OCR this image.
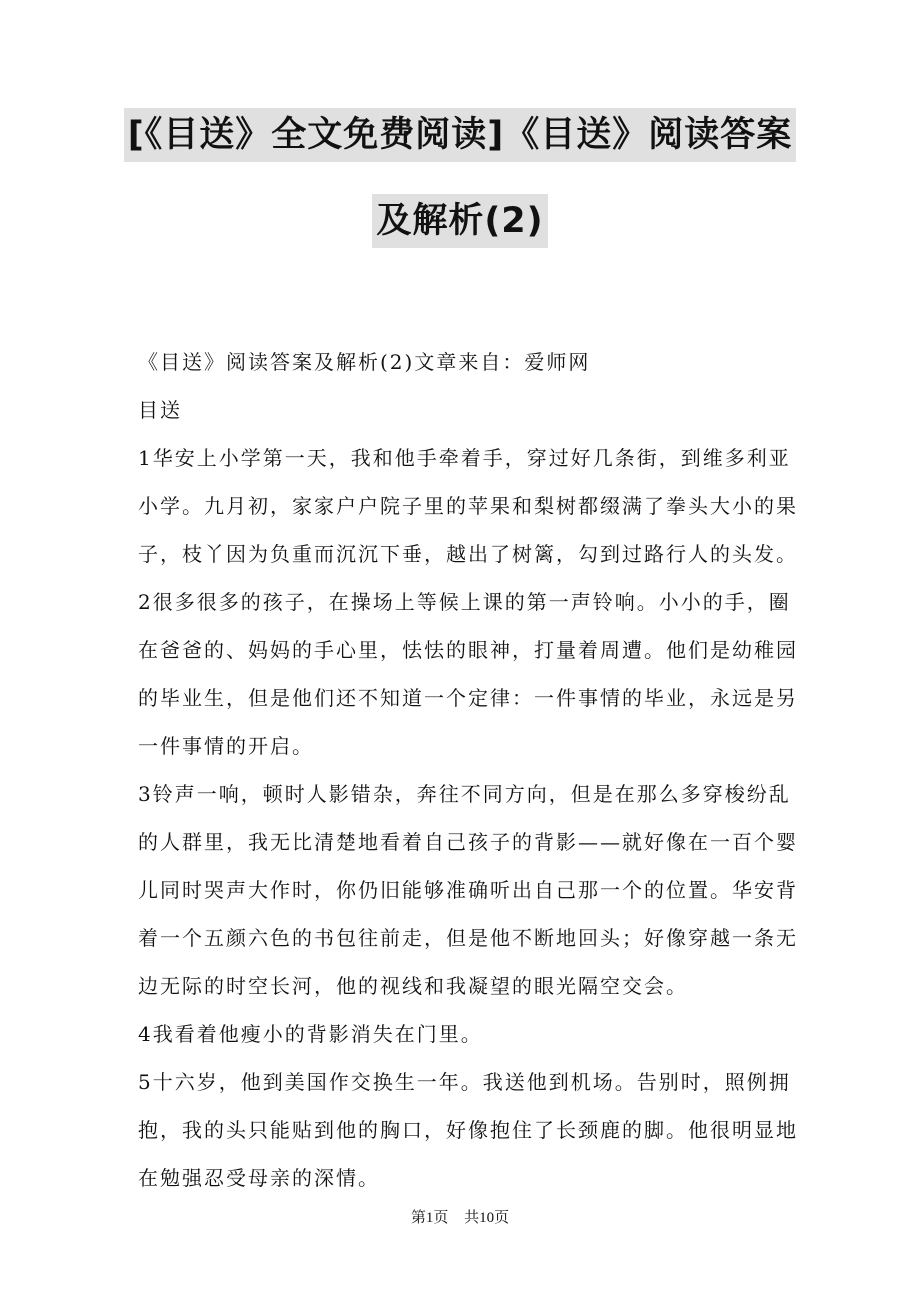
[《目送》全文免费阅读]《目送》阅读答案
及解析(2)
《目送》阅读答案及解析(2)文章来自：爱师网
目送
1华安上小学第一天，我和他手牵着手，穿过好几条街，到维多利亚
小学。九月初，家家户户院子里的苹果和梨树都缀满了拳头大小的果
子，枝丫因为负重而沉沉下垂，越出了树篱，勾到过路行人的头发。
2很多很多的孩子，在操场上等候上课的第一声铃响。小小的手，圈
在爸爸的、妈妈的手心里，怯怯的眼神，打量着周遭。他们是幼稚园
的毕业生，但是他们还不知道一个定律：一件事情的毕业，永远是另
一件事情的开启。
3铃声一响，顿时人影错杂，奔往不同方向，但是在那么多穿梭纷乱
的人群里，我无比清楚地看着自己孩子的背影——就好像在一百个婴
儿同时哭声大作时，你仍旧能够准确听出自己那一个的位置。华安背
着一个五颜六色的书包往前走，但是他不断地回头；好像穿越一条无
边无际的时空长河，他的视线和我凝望的眼光隔空交会。
4我看着他瘦小的背影消失在门里。
5十六岁，他到美国作交换生一年。我送他到机场。告别时，照例拥
抱，我的头只能贴到他的胸口，好像抱住了长颈鹿的脚。他很明显地
在勉强忍受母亲的深情。
第1页 共10页
